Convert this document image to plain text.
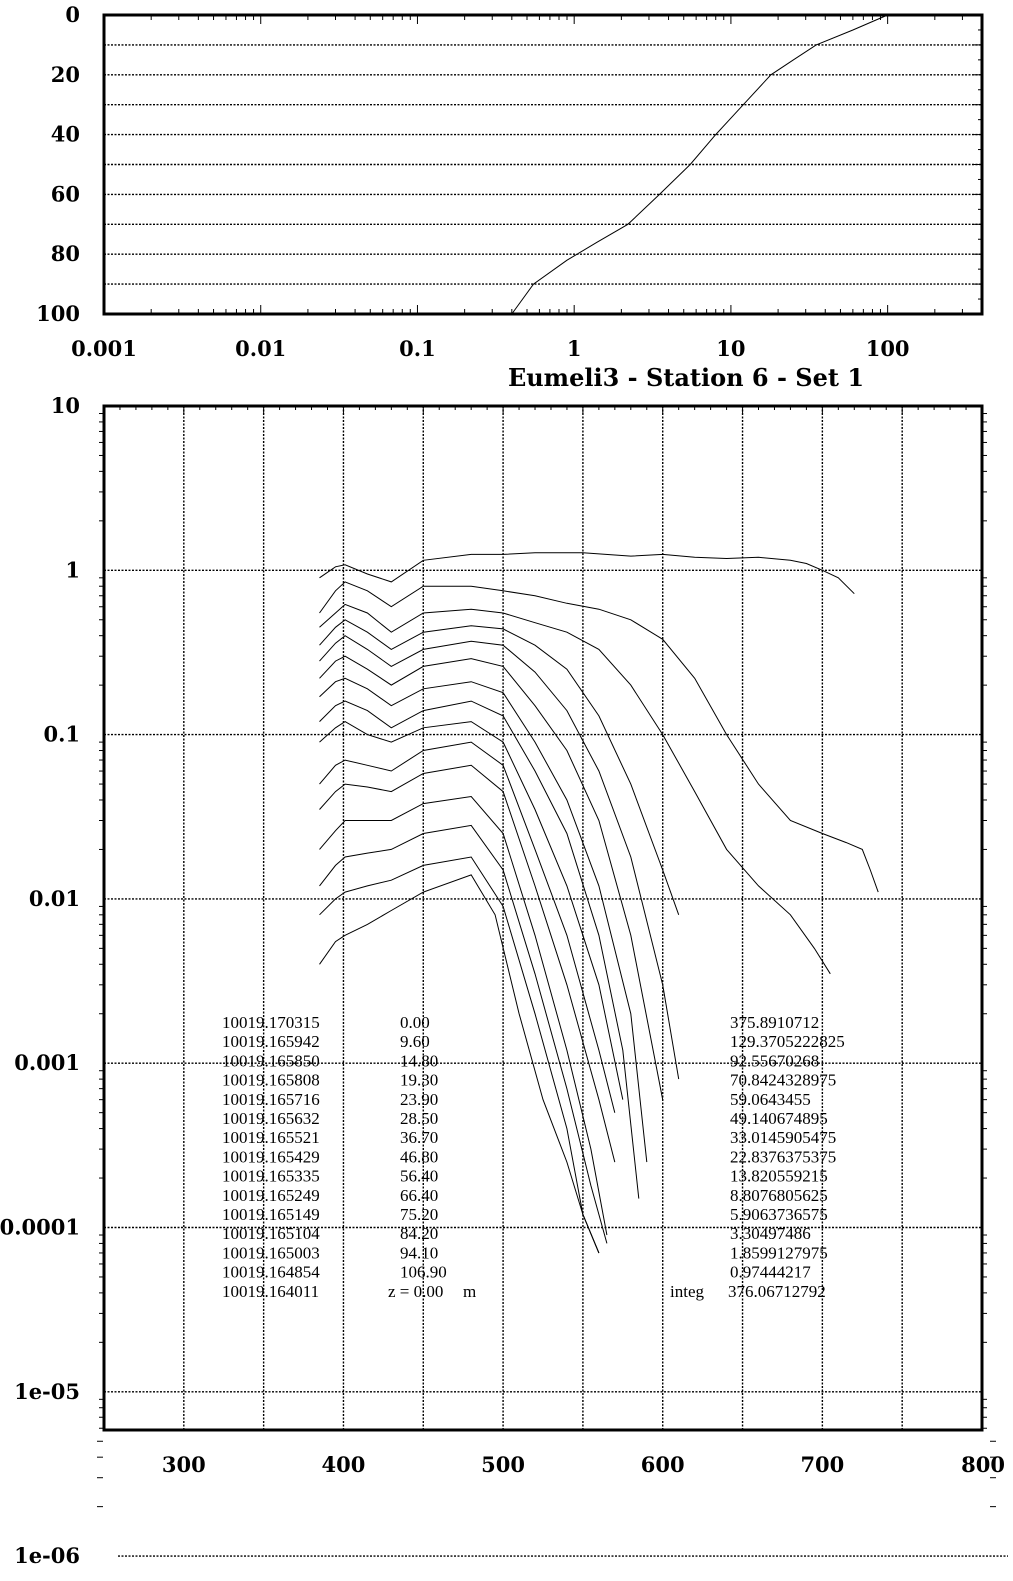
0
20
40
60
80
100
0.001	0.01	0.1	1	10	100
Eumeli3 - Station 6 - Set 1
10
1
0.1
0.01
0.001
0.0001
1e-05
1e-06
300	400	500	600	700	800
10019.170315	0.00	375.8910712
10019.165942	9.60	129.3705222825
10019.165850	14.80	92.55670268
10019.165808	19.30	70.8424328975
10019.165716	23.90	59.0643455
10019.165632	28.50	49.140674895
10019.165521	36.70	33.0145905475
10019.165429	46.80	22.8376375375
10019.165335	56.40	13.820559215
10019.165249	66.40	8.8076805625
10019.165149	75.20	5.9063736575
10019.165104	84.20	3.30497486
10019.165003	94.10	1.8599127975
10019.164854	106.90	0.97444217
10019.164011	z = 0.00 m	integ 376.06712792
